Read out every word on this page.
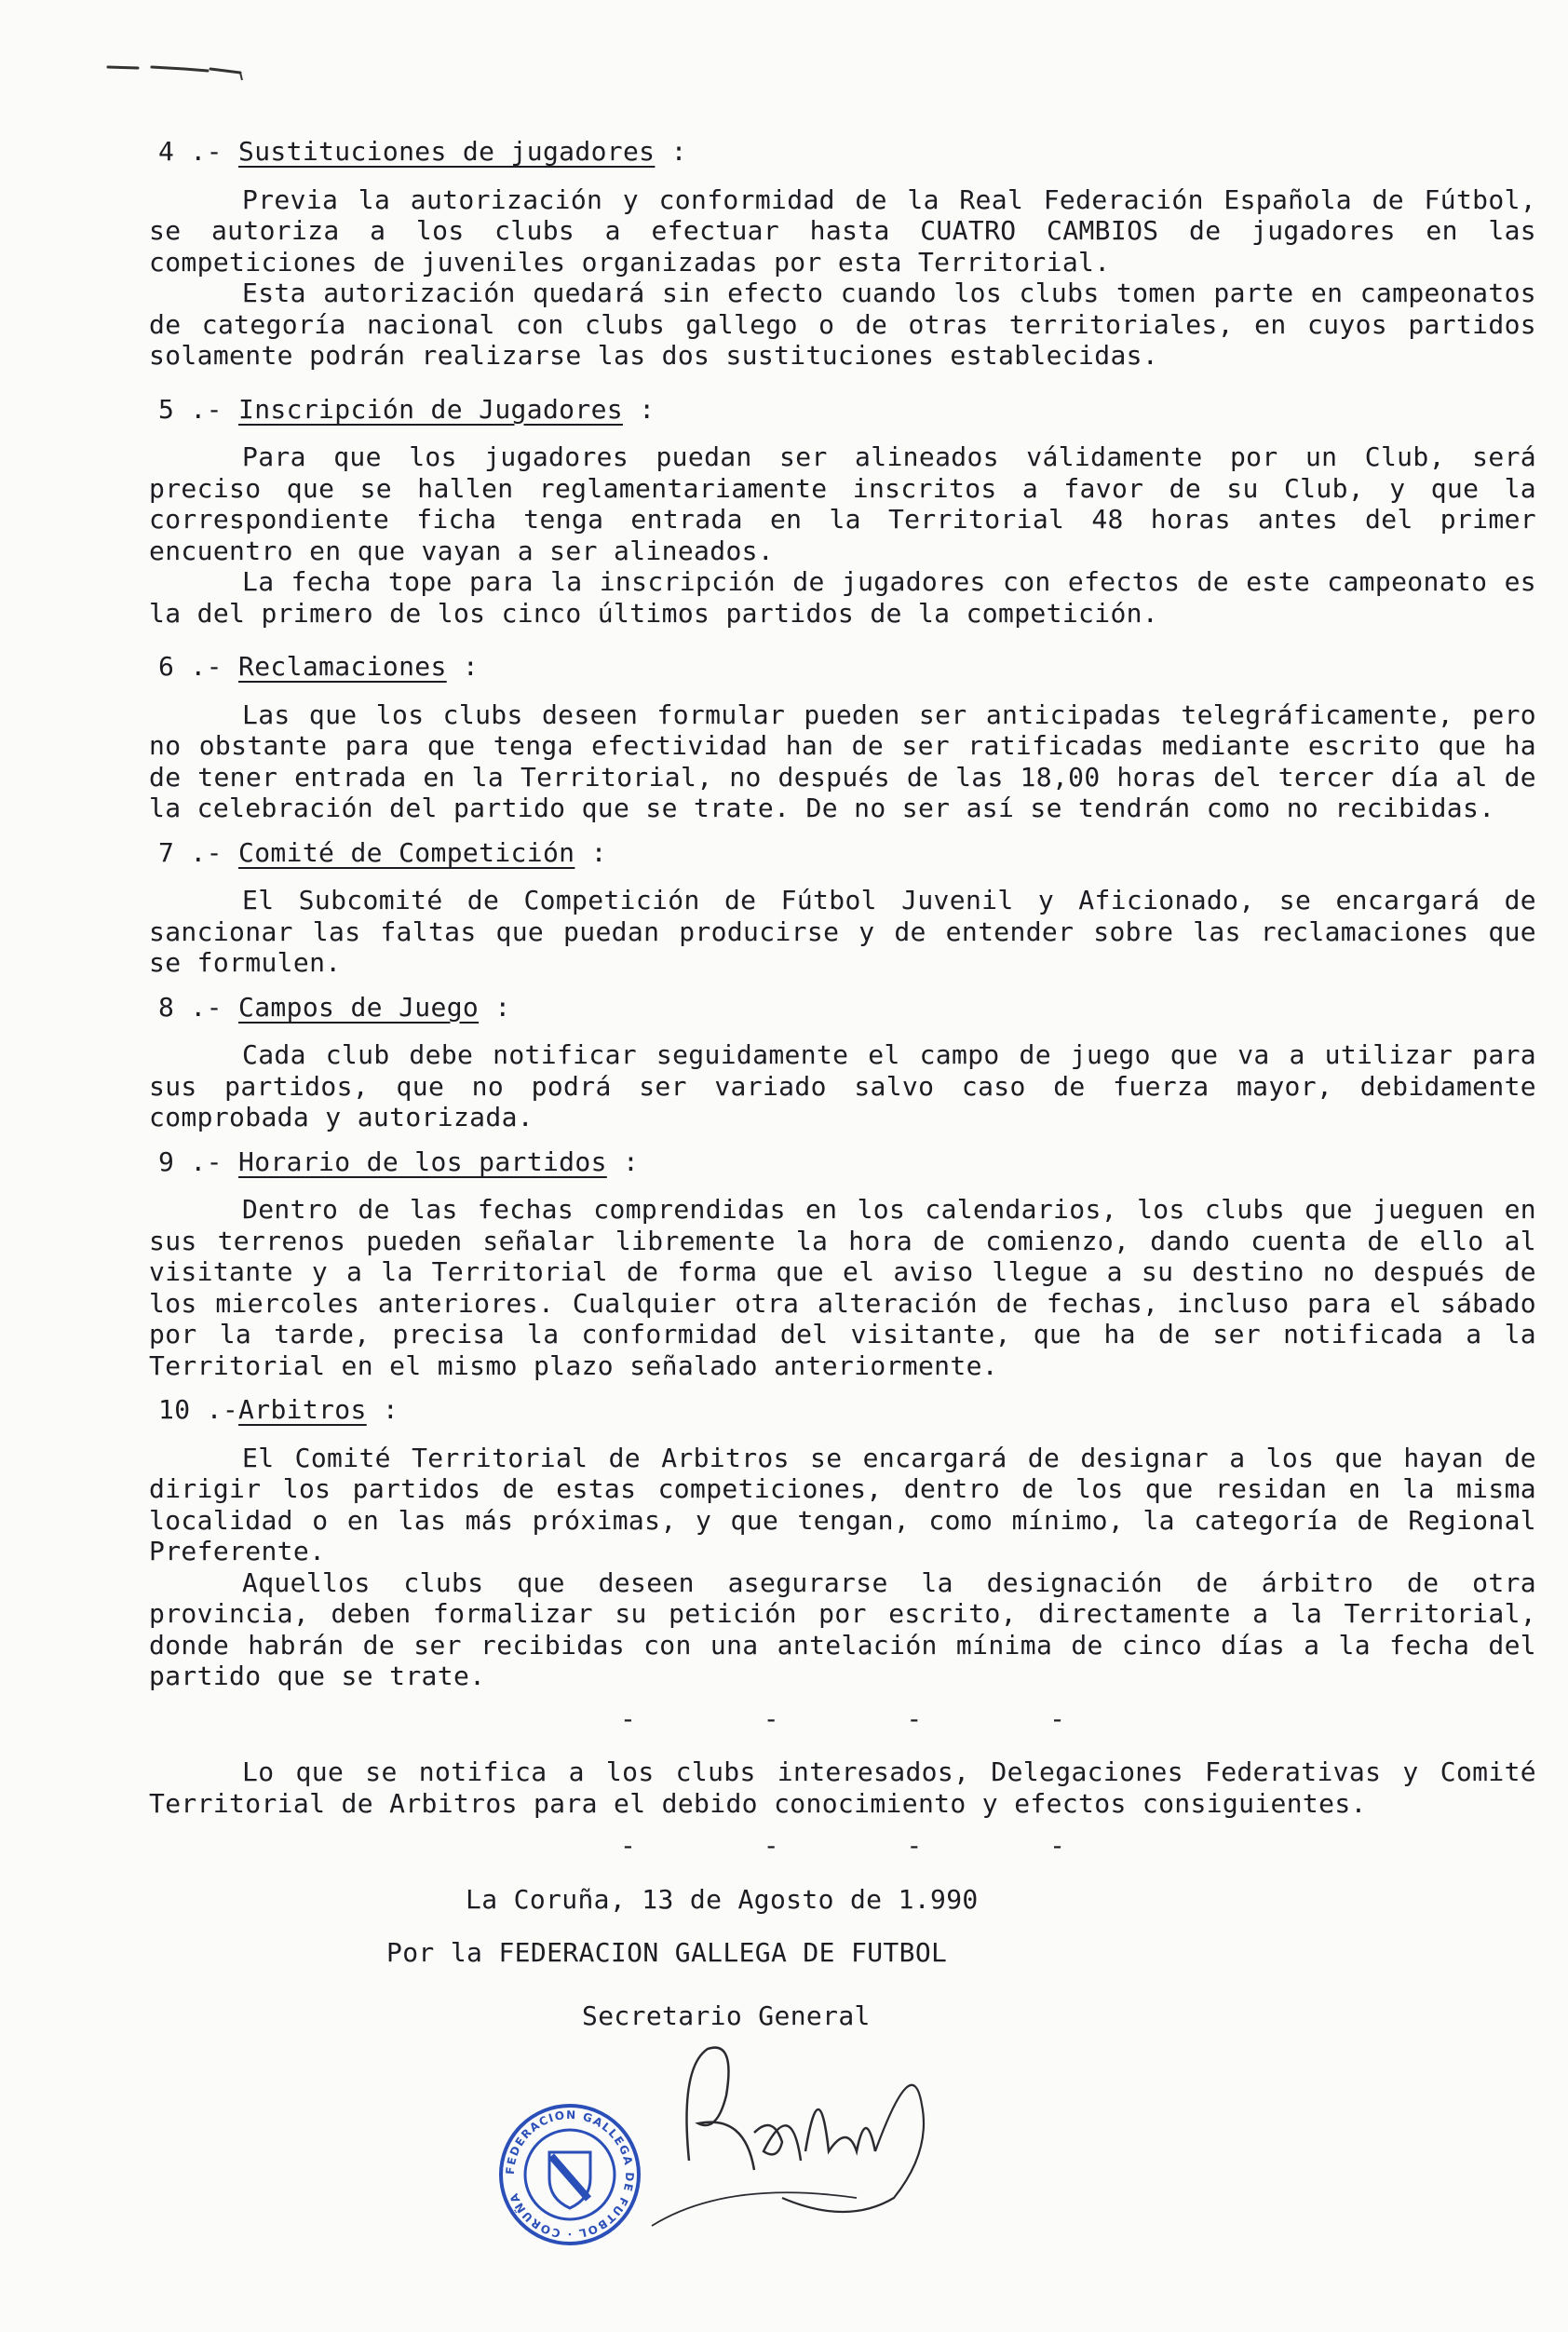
4 .- Sustituciones de jugadores :

Previa la autorización y conformidad de la Real Federación Española de Fútbol, se autoriza a los clubs a efectuar hasta CUATRO CAMBIOS de jugadores en las competiciones de juveniles organizadas por esta Territorial.

Esta autorización quedará sin efecto cuando los clubs tomen parte en campeonatos de categoría nacional con clubs gallego o de otras territoriales, en cuyos partidos solamente podrán realizarse las dos sustituciones establecidas.

5 .- Inscripción de Jugadores :

Para que los jugadores puedan ser alineados válidamente por un Club, será preciso que se hallen reglamentariamente inscritos a favor de su Club, y que la correspondiente ficha tenga entrada en la Territorial 48 horas antes del primer encuentro en que vayan a ser alineados.

La fecha tope para la inscripción de jugadores con efectos de este campeonato es la del primero de los cinco últimos partidos de la competición.

6 .- Reclamaciones :

Las que los clubs deseen formular pueden ser anticipadas telegráficamente, pero no obstante para que tenga efectividad han de ser ratificadas mediante escrito que ha de tener entrada en la Territorial, no después de las 18,00 horas del tercer día al de la celebración del partido que se trate. De no ser así se tendrán como no recibidas.

7 .- Comité de Competición :

El Subcomité de Competición de Fútbol Juvenil y Aficionado, se encargará de sancionar las faltas que puedan producirse y de entender sobre las reclamaciones que se formulen.

8 .- Campos de Juego :

Cada club debe notificar seguidamente el campo de juego que va a utilizar para sus partidos, que no podrá ser variado salvo caso de fuerza mayor, debidamente comprobada y autorizada.

9 .- Horario de los partidos :

Dentro de las fechas comprendidas en los calendarios, los clubs que jueguen en sus terrenos pueden señalar libremente la hora de comienzo, dando cuenta de ello al visitante y a la Territorial de forma que el aviso llegue a su destino no después de los miercoles anteriores. Cualquier otra alteración de fechas, incluso para el sábado por la tarde, precisa la conformidad del visitante, que ha de ser notificada a la Territorial en el mismo plazo señalado anteriormente.

10 .-Arbitros :

El Comité Territorial de Arbitros se encargará de designar a los que hayan de dirigir los partidos de estas competiciones, dentro de los que residan en la misma localidad o en las más próximas, y que tengan, como mínimo, la categoría de Regional Preferente.

Aquellos clubs que deseen asegurarse la designación de árbitro de otra provincia, deben formalizar su petición por escrito, directamente a la Territorial, donde habrán de ser recibidas con una antelación mínima de cinco días a la fecha del partido que se trate.

- - - -

Lo que se notifica a los clubs interesados, Delegaciones Federativas y Comité Territorial de Arbitros para el debido conocimiento y efectos consiguientes.

- - - -
La Coruña, 13 de Agosto de 1.990
Por la FEDERACION GALLEGA DE FUTBOL
Secretario General
FEDERACION GALLEGA DE FUTBOL · CORUÑA
